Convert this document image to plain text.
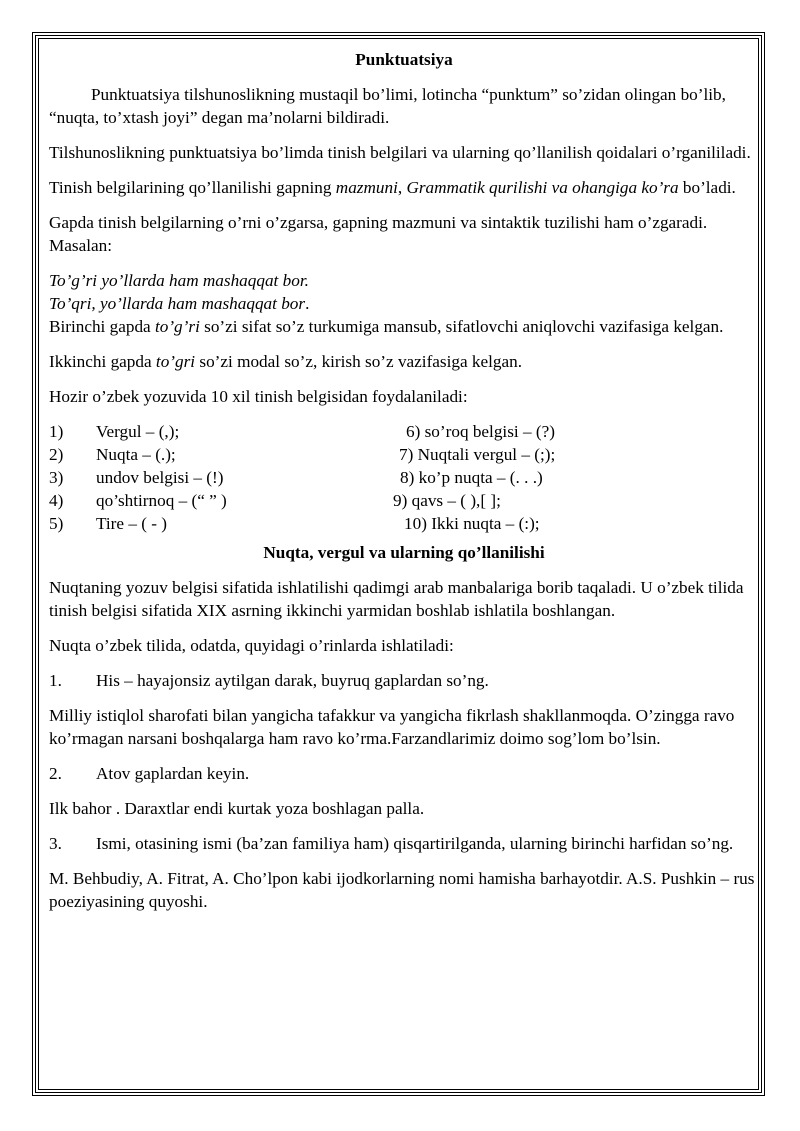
Punktuatsiya

Punktuatsiya tilshunoslikning mustaqil bo’limi, lotincha “punktum” so’zidan olingan bo’lib, “nuqta, to’xtash joyi” degan ma’nolarni bildiradi.

Tilshunoslikning punktuatsiya bo’limda tinish belgilari va ularning qo’llanilish qoidalari o’rganililadi.

Tinish belgilarining qo’llanilishi gapning mazmuni, Grammatik qurilishi va ohangiga ko’ra bo’ladi.

Gapda tinish belgilarning o’rni o’zgarsa, gapning mazmuni va sintaktik tuzilishi ham o’zgaradi. Masalan:

To’g’ri yo’llarda ham mashaqqat bor.
To’qri, yo’llarda ham mashaqqat bor.

Birinchi gapda to’g’ri so’zi sifat so’z turkumiga mansub, sifatlovchi aniqlovchi vazifasiga kelgan.

Ikkinchi gapda to’gri so’zi modal so’z, kirish so’z vazifasiga kelgan.

Hozir o’zbek yozuvida 10 xil tinish belgisidan foydalaniladi:

1)	Vergul – (,);	6) so’roq belgisi – (?)
2)	Nuqta – (.);	7) Nuqtali vergul – (;);
3)	undov belgisi – (!)	8) ko’p nuqta – (. . .)
4)	qo’shtirnoq – (“ ” )	9) qavs – ( ),[ ];
5)	Tire – ( - )	10) Ikki nuqta – (:);
Nuqta, vergul va ularning qo’llanilishi

Nuqtaning yozuv belgisi sifatida ishlatilishi qadimgi arab manbalariga borib taqaladi. U o’zbek tilida tinish belgisi sifatida XIX asrning ikkinchi yarmidan boshlab ishlatila boshlangan.

Nuqta o’zbek tilida, odatda, quyidagi o’rinlarda ishlatiladi:

1.	His – hayajonsiz aytilgan darak, buyruq gaplardan so’ng.

Milliy istiqlol sharofati bilan yangicha tafakkur va yangicha fikrlash shakllanmoqda. O’zingga ravo ko’rmagan narsani boshqalarga ham ravo ko’rma.Farzandlarimiz doimo sog’lom bo’lsin.

2.	Atov gaplardan keyin.

Ilk bahor . Daraxtlar endi kurtak yoza boshlagan palla.

3. Ismi, otasining ismi (ba’zan familiya ham) qisqartirilganda, ularning birinchi harfidan so’ng.

M. Behbudiy, A. Fitrat, A. Cho’lpon kabi ijodkorlarning nomi hamisha barhayotdir. A.S. Pushkin – rus poeziyasining quyoshi.
